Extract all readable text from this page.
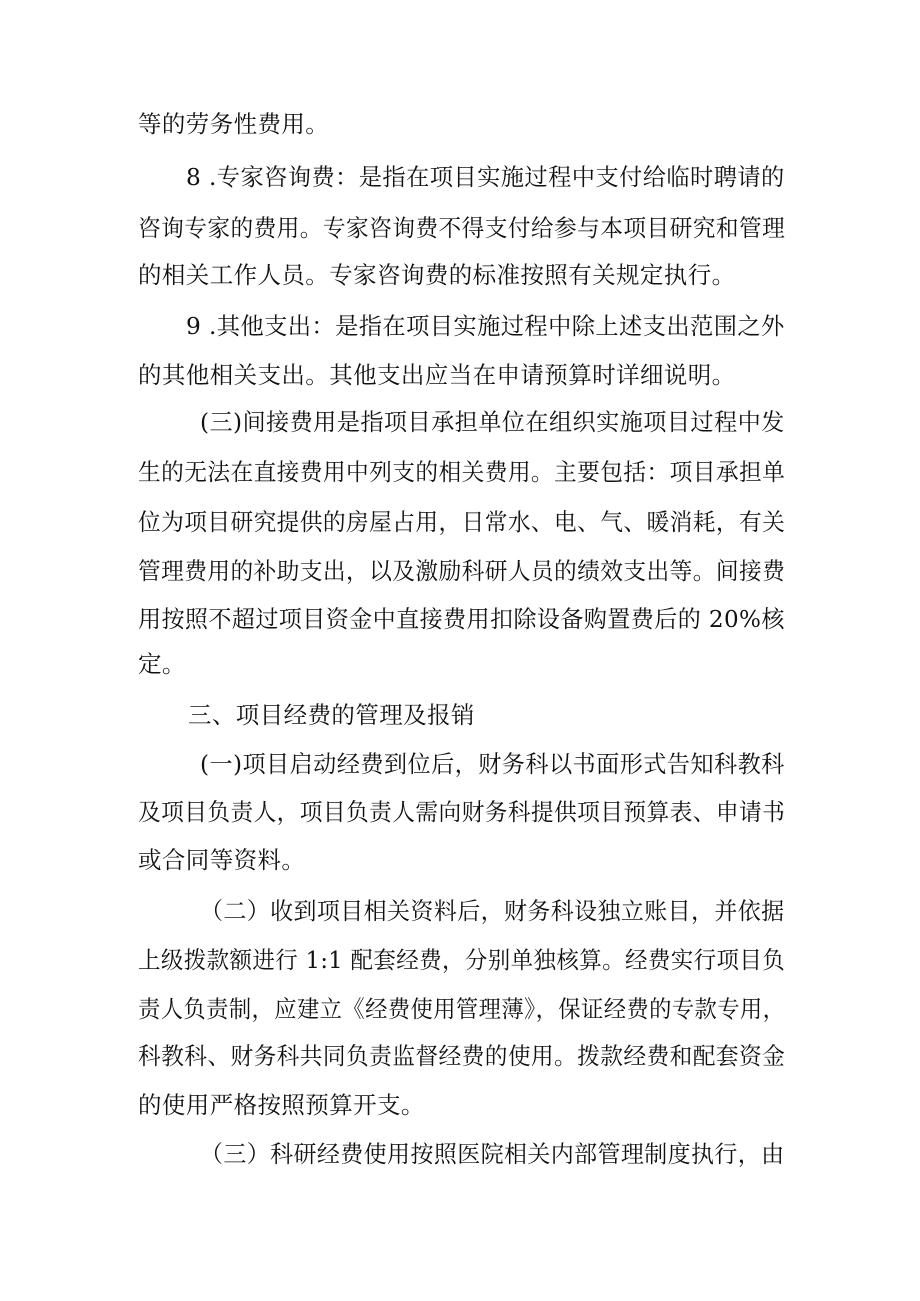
等的劳务性费用。
8 .专家咨询费：是指在项目实施过程中支付给临时聘请的
咨询专家的费用。专家咨询费不得支付给参与本项目研究和管理
的相关工作人员。专家咨询费的标准按照有关规定执行。
9 .其他支出：是指在项目实施过程中除上述支出范围之外
的其他相关支出。其他支出应当在申请预算时详细说明。
(三)间接费用是指项目承担单位在组织实施项目过程中发
生的无法在直接费用中列支的相关费用。主要包括：项目承担单
位为项目研究提供的房屋占用，日常水、电、气、暖消耗，有关
管理费用的补助支出，以及激励科研人员的绩效支出等。间接费
用按照不超过项目资金中直接费用扣除设备购置费后的 20%核
定。
三、项目经费的管理及报销
(一)项目启动经费到位后，财务科以书面形式告知科教科
及项目负责人，项目负责人需向财务科提供项目预算表、申请书
或合同等资料。
（二）收到项目相关资料后，财务科设独立账目，并依据
上级拨款额进行 1:1 配套经费，分别单独核算。经费实行项目负
责人负责制，应建立《经费使用管理薄》，保证经费的专款专用，
科教科、财务科共同负责监督经费的使用。拨款经费和配套资金
的使用严格按照预算开支。
（三）科研经费使用按照医院相关内部管理制度执行，由
